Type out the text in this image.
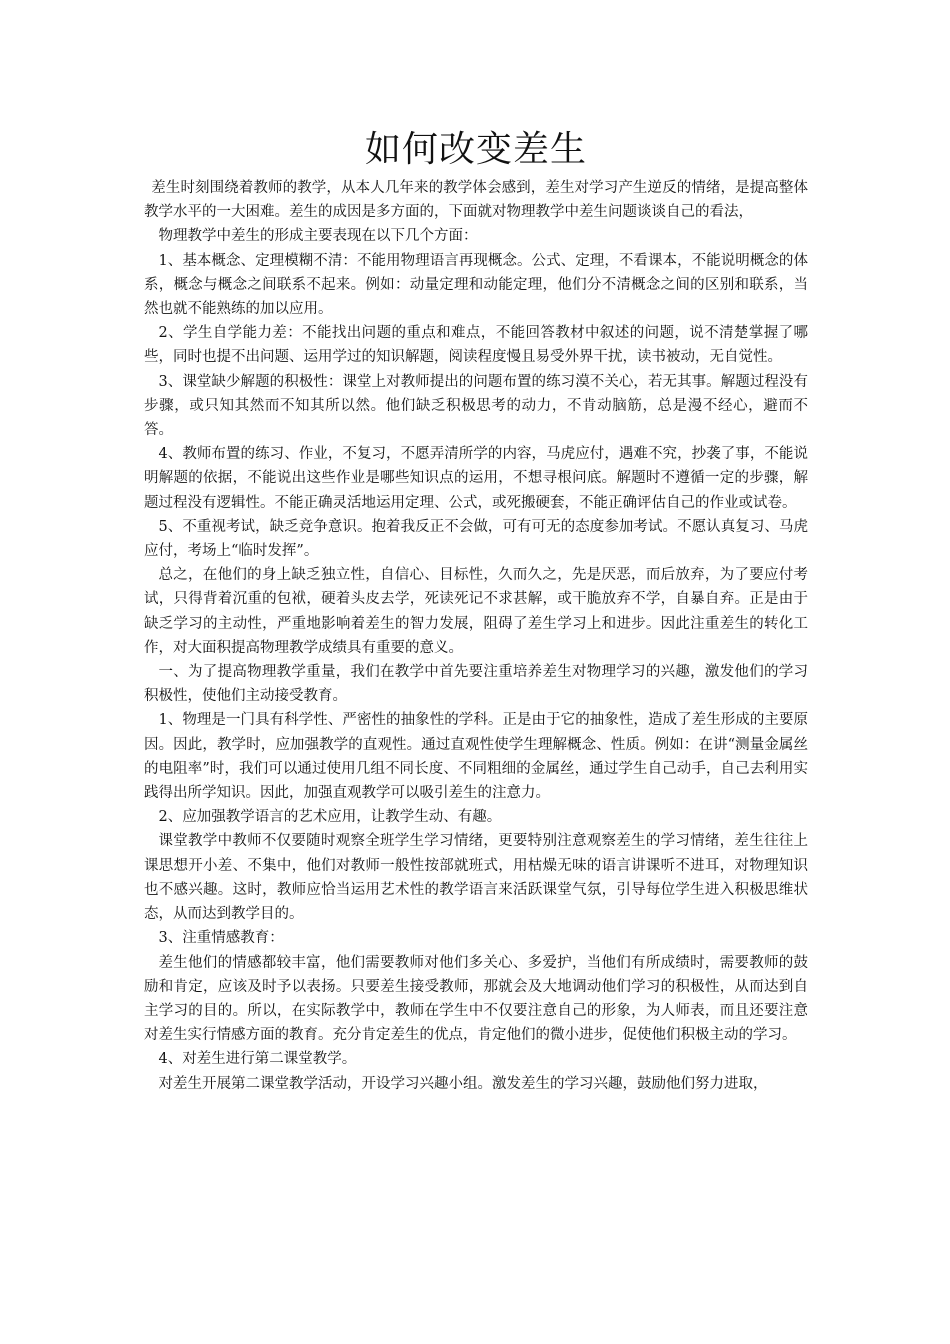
如何改变差生

差生时刻围绕着教师的教学，从本人几年来的教学体会感到，差生对学习产生逆反的情绪，是提高整体教学水平的一大困难。差生的成因是多方面的，下面就对物理教学中差生问题谈谈自己的看法，

物理教学中差生的形成主要表现在以下几个方面：

1、基本概念、定理模糊不清：不能用物理语言再现概念。公式、定理，不看课本，不能说明概念的体系，概念与概念之间联系不起来。例如：动量定理和动能定理，他们分不清概念之间的区别和联系，当然也就不能熟练的加以应用。

2、学生自学能力差：不能找出问题的重点和难点，不能回答教材中叙述的问题，说不清楚掌握了哪些，同时也提不出问题、运用学过的知识解题，阅读程度慢且易受外界干扰，读书被动，无自觉性。

3、课堂缺少解题的积极性：课堂上对教师提出的问题布置的练习漠不关心，若无其事。解题过程没有步骤，或只知其然而不知其所以然。他们缺乏积极思考的动力，不肯动脑筋，总是漫不经心，避而不答。

4、教师布置的练习、作业，不复习，不愿弄清所学的内容，马虎应付，遇难不究，抄袭了事，不能说明解题的依据，不能说出这些作业是哪些知识点的运用，不想寻根问底。解题时不遵循一定的步骤，解题过程没有逻辑性。不能正确灵活地运用定理、公式，或死搬硬套，不能正确评估自己的作业或试卷。

5、不重视考试，缺乏竞争意识。抱着我反正不会做，可有可无的态度参加考试。不愿认真复习、马虎应付，考场上“临时发挥”。

总之，在他们的身上缺乏独立性，自信心、目标性，久而久之，先是厌恶，而后放弃，为了要应付考试，只得背着沉重的包袱，硬着头皮去学，死读死记不求甚解，或干脆放弃不学，自暴自弃。正是由于缺乏学习的主动性，严重地影响着差生的智力发展，阻碍了差生学习上和进步。因此注重差生的转化工作，对大面积提高物理教学成绩具有重要的意义。

一、为了提高物理教学重量，我们在教学中首先要注重培养差生对物理学习的兴趣，激发他们的学习积极性，使他们主动接受教育。

1、物理是一门具有科学性、严密性的抽象性的学科。正是由于它的抽象性，造成了差生形成的主要原因。因此，教学时，应加强教学的直观性。通过直观性使学生理解概念、性质。例如：在讲“测量金属丝的电阻率”时，我们可以通过使用几组不同长度、不同粗细的金属丝，通过学生自己动手，自己去利用实践得出所学知识。因此，加强直观教学可以吸引差生的注意力。

2、应加强教学语言的艺术应用，让教学生动、有趣。

课堂教学中教师不仅要随时观察全班学生学习情绪，更要特别注意观察差生的学习情绪，差生往往上课思想开小差、不集中，他们对教师一般性按部就班式，用枯燥无味的语言讲课听不进耳，对物理知识也不感兴趣。这时，教师应恰当运用艺术性的教学语言来活跃课堂气氛，引导每位学生进入积极思维状态，从而达到教学目的。

3、注重情感教育：

差生他们的情感都较丰富，他们需要教师对他们多关心、多爱护，当他们有所成绩时，需要教师的鼓励和肯定，应该及时予以表扬。只要差生接受教师，那就会及大地调动他们学习的积极性，从而达到自主学习的目的。所以，在实际教学中，教师在学生中不仅要注意自己的形象，为人师表，而且还要注意对差生实行情感方面的教育。充分肯定差生的优点，肯定他们的微小进步，促使他们积极主动的学习。

4、对差生进行第二课堂教学。

对差生开展第二课堂教学活动，开设学习兴趣小组。激发差生的学习兴趣，鼓励他们努力进取，
